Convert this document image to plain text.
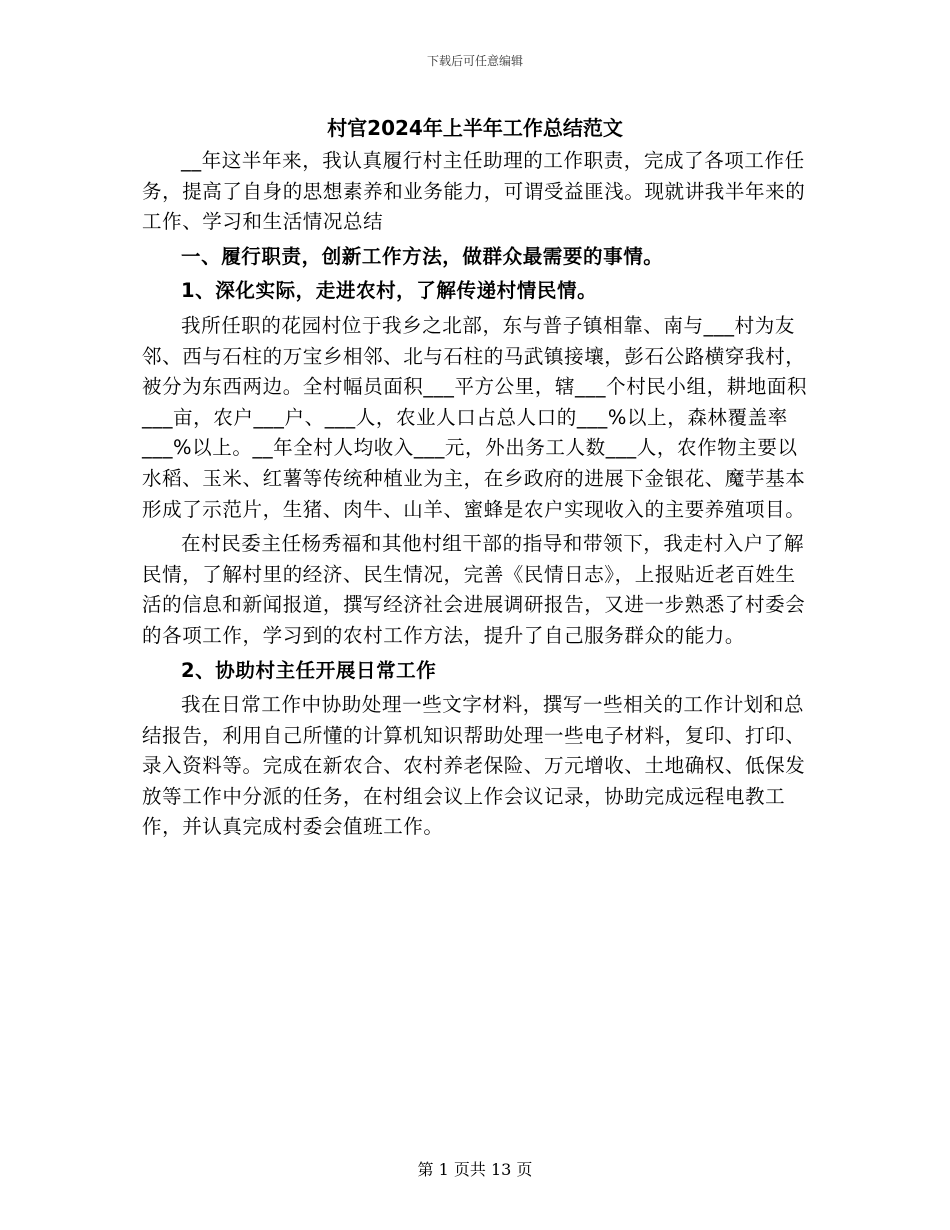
下载后可任意编辑
村官2024年上半年工作总结范文

__年这半年来，我认真履行村主任助理的工作职责，完成了各项工作任务，提高了自身的思想素养和业务能力，可谓受益匪浅。现就讲我半年来的工作、学习和生活情况总结

一、履行职责，创新工作方法，做群众最需要的事情。

1、深化实际，走进农村，了解传递村情民情。

我所任职的花园村位于我乡之北部，东与普子镇相靠、南与___村为友邻、西与石柱的万宝乡相邻、北与石柱的马武镇接壤，彭石公路横穿我村，被分为东西两边。全村幅员面积___平方公里，辖___个村民小组，耕地面积___亩，农户___户、___人，农业人口占总人口的___%以上，森林覆盖率___%以上。__年全村人均收入___元，外出务工人数___人，农作物主要以水稻、玉米、红薯等传统种植业为主，在乡政府的进展下金银花、魔芋基本形成了示范片，生猪、肉牛、山羊、蜜蜂是农户实现收入的主要养殖项目。

在村民委主任杨秀福和其他村组干部的指导和带领下，我走村入户了解民情，了解村里的经济、民生情况，完善《民情日志》，上报贴近老百姓生活的信息和新闻报道，撰写经济社会进展调研报告，又进一步熟悉了村委会的各项工作，学习到的农村工作方法，提升了自己服务群众的能力。

2、协助村主任开展日常工作

我在日常工作中协助处理一些文字材料，撰写一些相关的工作计划和总结报告，利用自己所懂的计算机知识帮助处理一些电子材料，复印、打印、录入资料等。完成在新农合、农村养老保险、万元增收、土地确权、低保发放等工作中分派的任务，在村组会议上作会议记录，协助完成远程电教工作，并认真完成村委会值班工作。

第 1 页共 13 页
